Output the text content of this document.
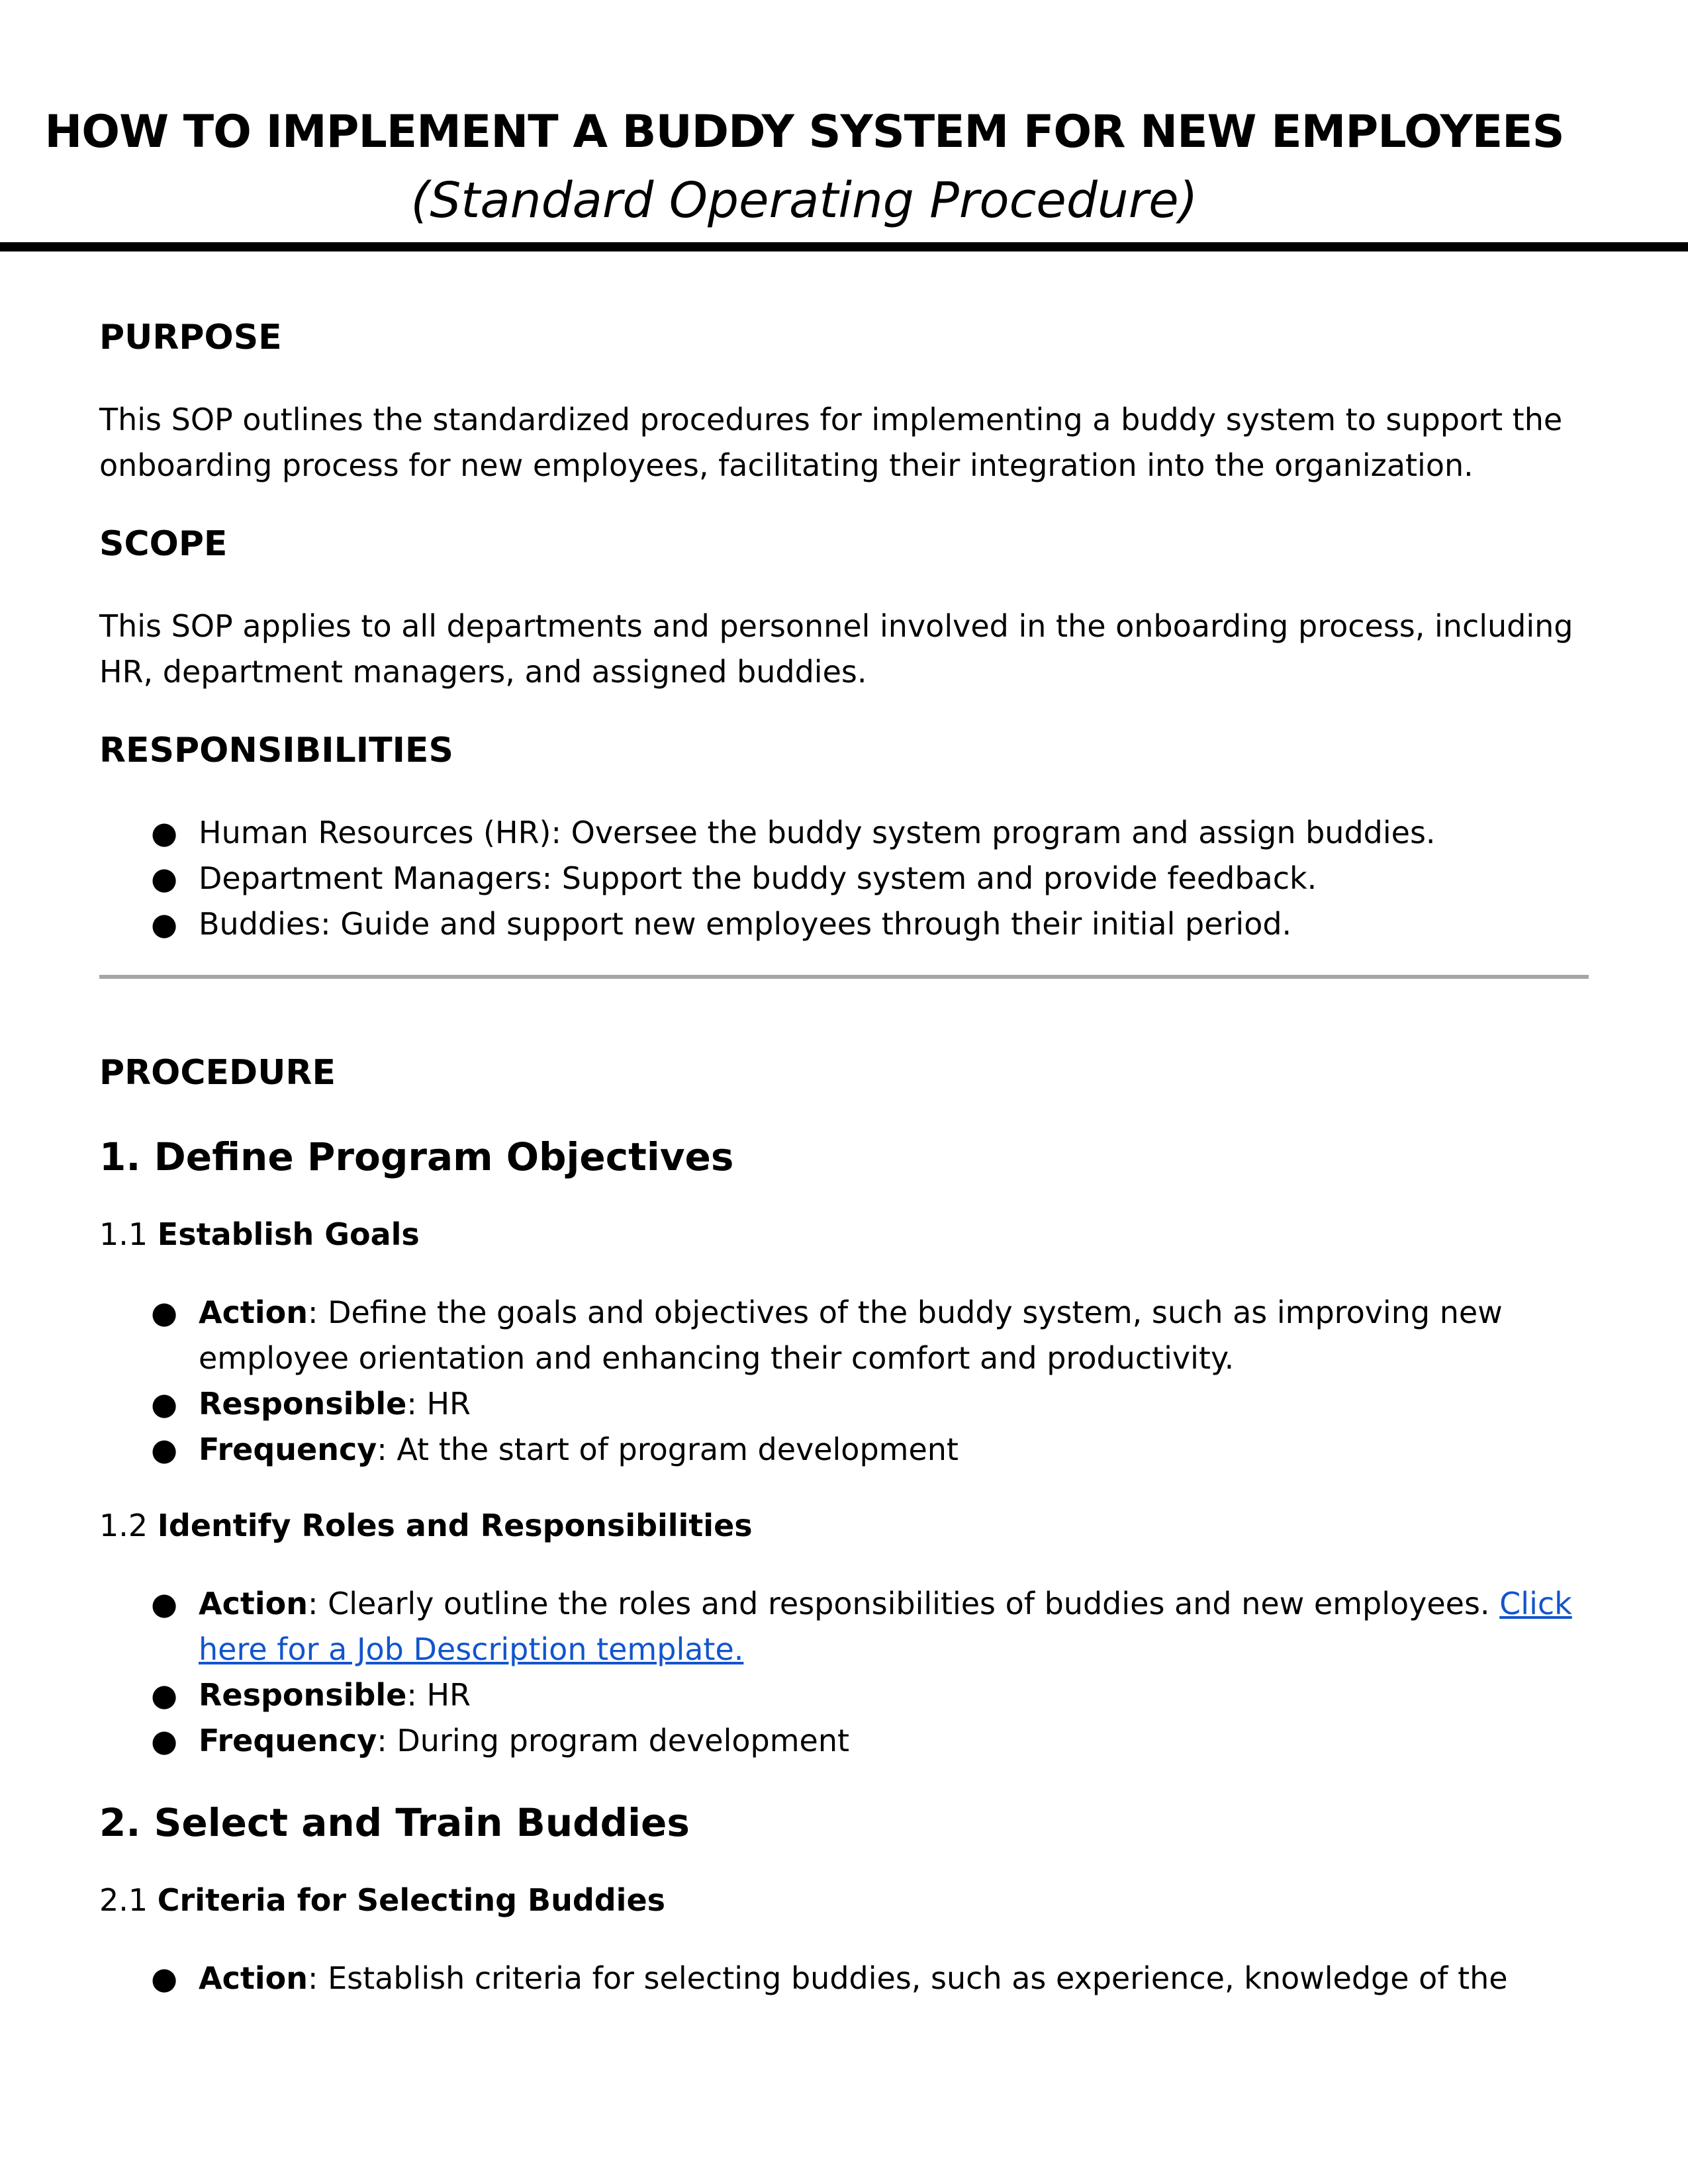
HOW TO IMPLEMENT A BUDDY SYSTEM FOR NEW EMPLOYEES

(Standard Operating Procedure)

PURPOSE

This SOP outlines the standardized procedures for implementing a buddy system to support the onboarding process for new employees, facilitating their integration into the organization.

SCOPE

This SOP applies to all departments and personnel involved in the onboarding process, including HR, department managers, and assigned buddies.

RESPONSIBILITIES
● Human Resources (HR): Oversee the buddy system program and assign buddies.
● Department Managers: Support the buddy system and provide feedback.
● Buddies: Guide and support new employees through their initial period.
PROCEDURE
1. Define Program Objectives

1.1 Establish Goals

● Action: Define the goals and objectives of the buddy system, such as improving new employee orientation and enhancing their comfort and productivity.
● Responsible: HR
● Frequency: At the start of program development

1.2 Identify Roles and Responsibilities

● Action: Clearly outline the roles and responsibilities of buddies and new employees. Click here for a Job Description template.
● Responsible: HR
● Frequency: During program development
2. Select and Train Buddies

2.1 Criteria for Selecting Buddies

● Action: Establish criteria for selecting buddies, such as experience, knowledge of the
